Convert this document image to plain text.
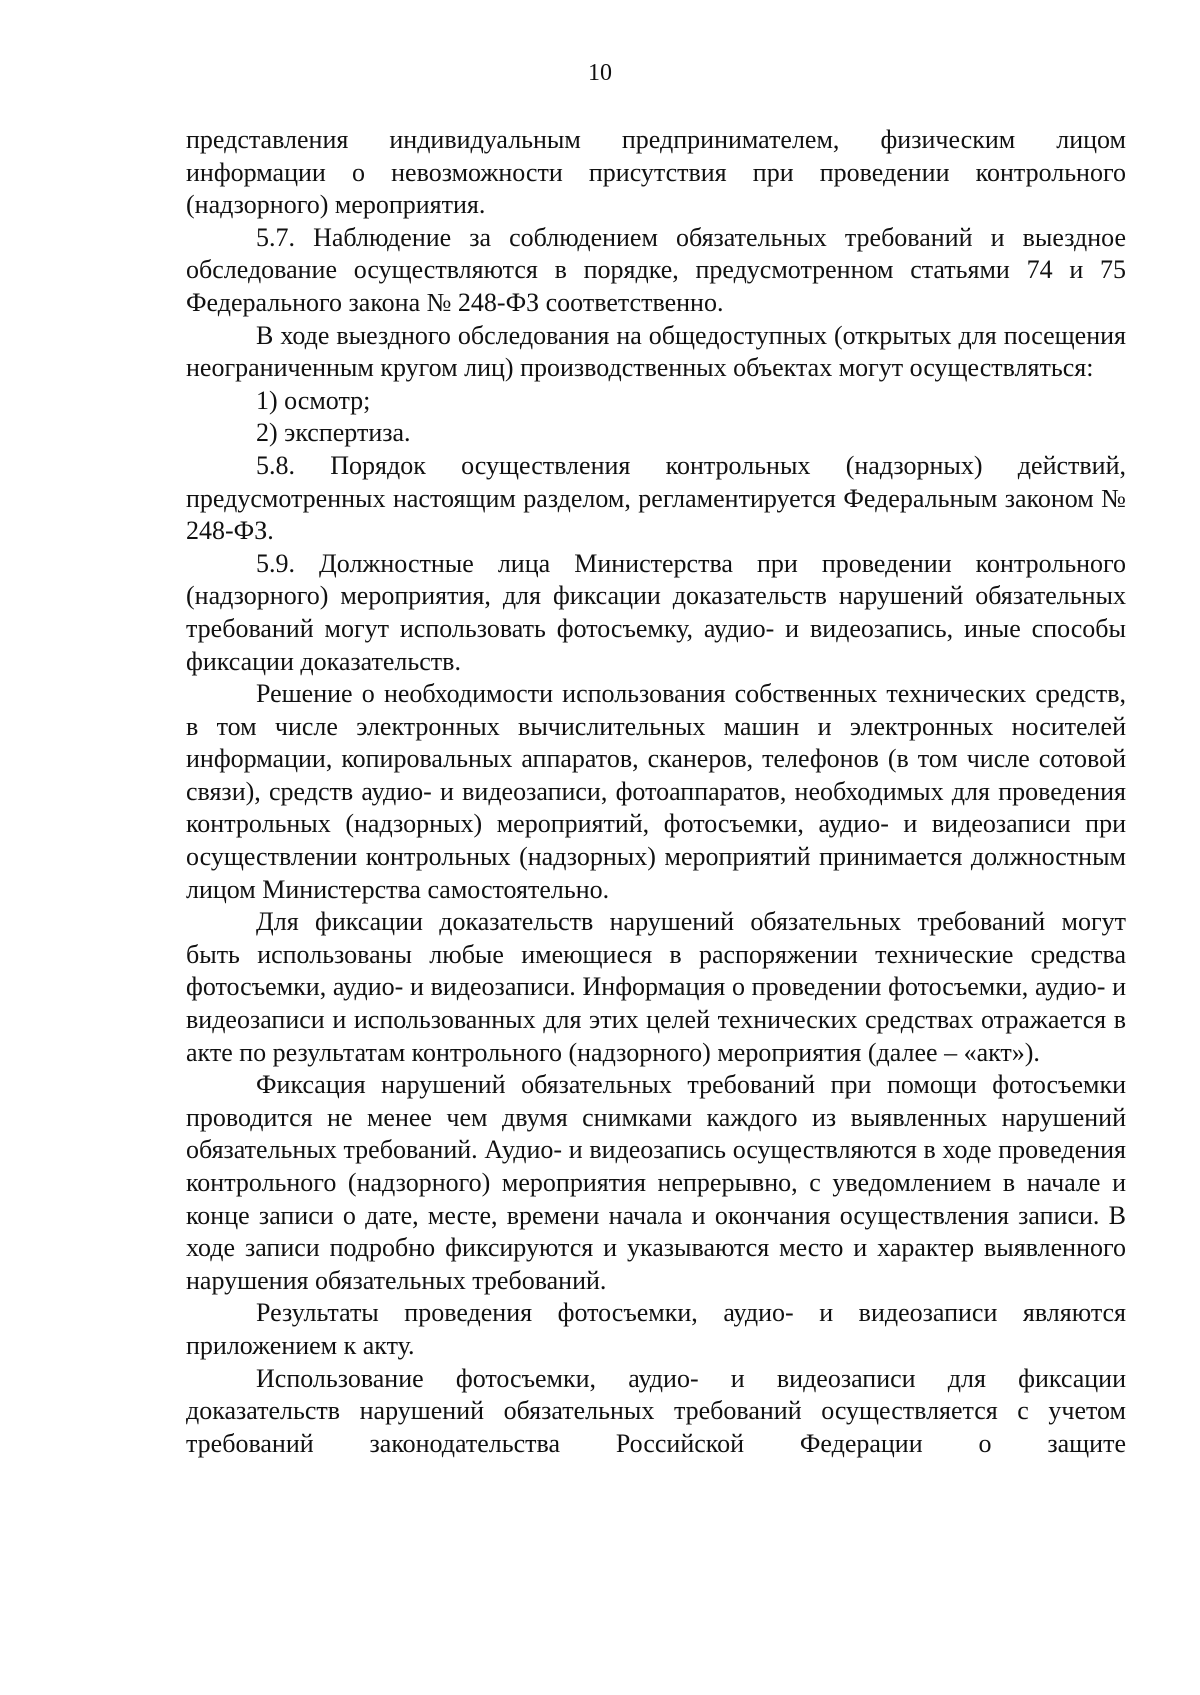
10

представления индивидуальным предпринимателем, физическим лицом информации о невозможности присутствия при проведении контрольного (надзорного) мероприятия.

5.7. Наблюдение за соблюдением обязательных требований и выездное обследование осуществляются в порядке, предусмотренном статьями 74 и 75 Федерального закона № 248-ФЗ соответственно.

В ходе выездного обследования на общедоступных (открытых для посещения неограниченным кругом лиц) производственных объектах могут осуществляться:

1) осмотр;

2) экспертиза.

5.8. Порядок осуществления контрольных (надзорных) действий, предусмотренных настоящим разделом, регламентируется Федеральным законом № 248-ФЗ.

5.9. Должностные лица Министерства при проведении контрольного (надзорного) мероприятия, для фиксации доказательств нарушений обязательных требований могут использовать фотосъемку, аудио- и видеозапись, иные способы фиксации доказательств.

Решение о необходимости использования собственных технических средств, в том числе электронных вычислительных машин и электронных носителей информации, копировальных аппаратов, сканеров, телефонов (в том числе сотовой связи), средств аудио- и видеозаписи, фотоаппаратов, необходимых для проведения контрольных (надзорных) мероприятий, фотосъемки, аудио- и видеозаписи при осуществлении контрольных (надзорных) мероприятий принимается должностным лицом Министерства самостоятельно.

Для фиксации доказательств нарушений обязательных требований могут быть использованы любые имеющиеся в распоряжении технические средства фотосъемки, аудио- и видеозаписи. Информация о проведении фотосъемки, аудио- и видеозаписи и использованных для этих целей технических средствах отражается в акте по результатам контрольного (надзорного) мероприятия (далее – «акт»).

Фиксация нарушений обязательных требований при помощи фотосъемки проводится не менее чем двумя снимками каждого из выявленных нарушений обязательных требований. Аудио- и видеозапись осуществляются в ходе проведения контрольного (надзорного) мероприятия непрерывно, с уведомлением в начале и конце записи о дате, месте, времени начала и окончания осуществления записи. В ходе записи подробно фиксируются и указываются место и характер выявленного нарушения обязательных требований.

Результаты проведения фотосъемки, аудио- и видеозаписи являются приложением к акту.

Использование фотосъемки, аудио- и видеозаписи для фиксации доказательств нарушений обязательных требований осуществляется с учетом требований законодательства Российской Федерации о защите
